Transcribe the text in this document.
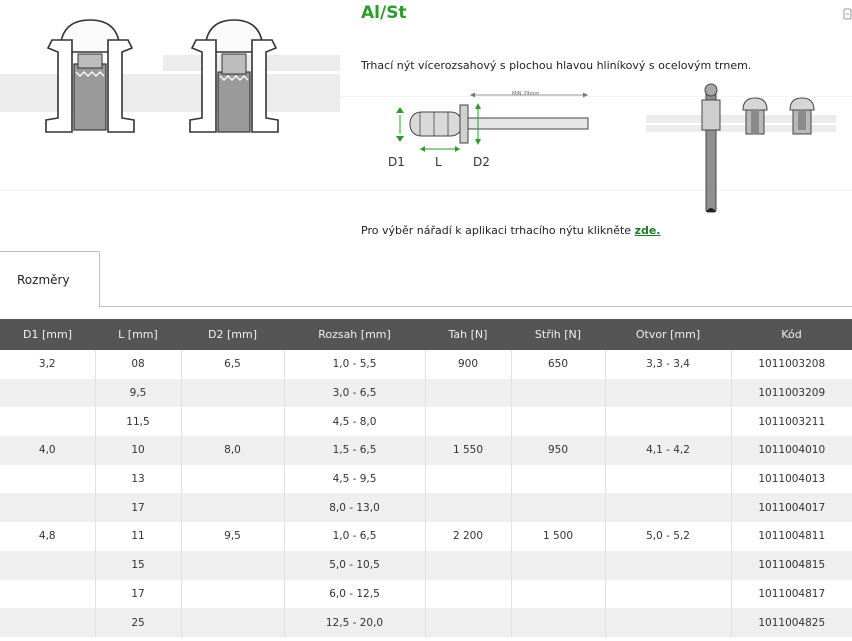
Al/St

Trhací nýt vícerozsahový s plochou hlavou hliníkový s ocelovým trnem.

MIN 29mm
D1	L	D2

Pro výběr nářadí k aplikaci trhacího nýtu klikněte zde.

Rozměry
D1 [mm]	L [mm]	D2 [mm]	Rozsah [mm]	Tah [N]	Střih [N]	Otvor [mm]	Kód
3,2	08	6,5	1,0 - 5,5	900	650	3,3 - 3,4	1011003208
	9,5		3,0 - 6,5				1011003209
	11,5		4,5 - 8,0				1011003211
4,0	10	8,0	1,5 - 6,5	1 550	950	4,1 - 4,2	1011004010
	13		4,5 - 9,5				1011004013
	17		8,0 - 13,0				1011004017
4,8	11	9,5	1,0 - 6,5	2 200	1 500	5,0 - 5,2	1011004811
	15		5,0 - 10,5				1011004815
	17		6,0 - 12,5				1011004817
	25		12,5 - 20,0				1011004825
